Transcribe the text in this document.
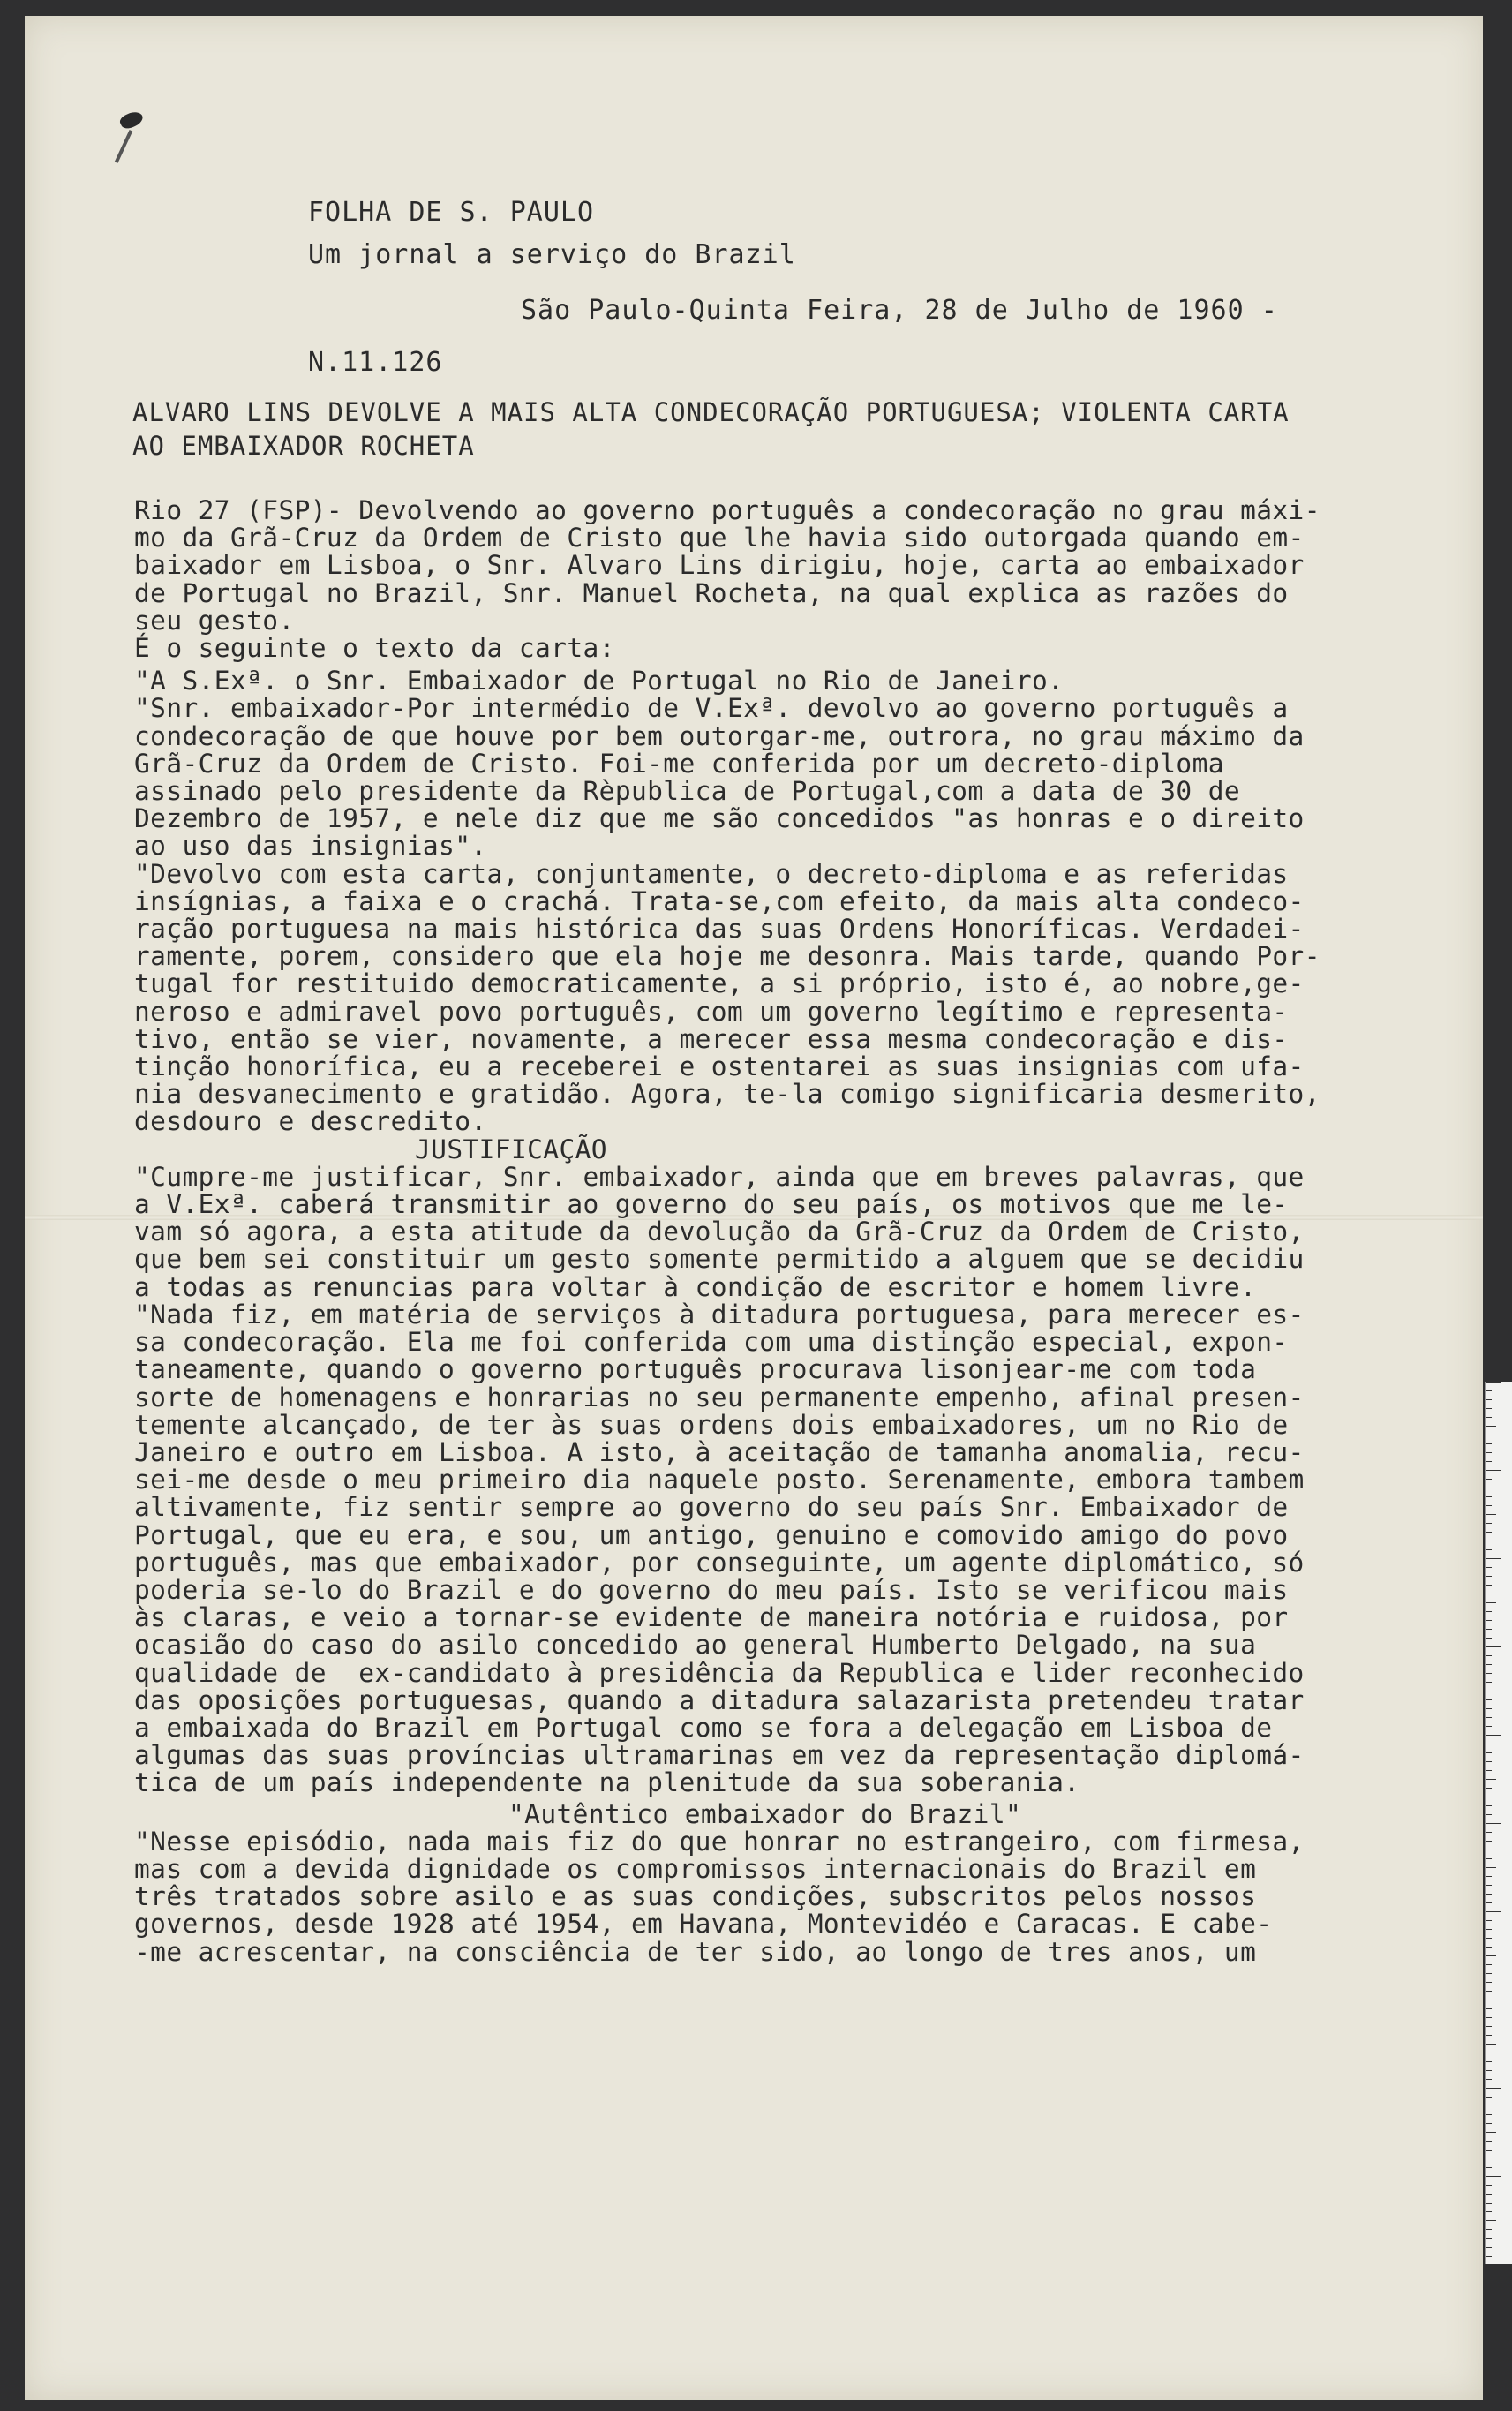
FOLHA DE S. PAULO
Um jornal a serviço do Brazil
São Paulo-Quinta Feira, 28 de Julho de 1960 -
N.11.126
ALVARO LINS DEVOLVE A MAIS ALTA CONDECORAÇÃO PORTUGUESA; VIOLENTA CARTA
AO EMBAIXADOR ROCHETA

Rio 27 (FSP)- Devolvendo ao governo português a condecoração no grau máxi-

mo da Grã-Cruz da Ordem de Cristo que lhe havia sido outorgada quando em-

baixador em Lisboa, o Snr. Alvaro Lins dirigiu, hoje, carta ao embaixador

de Portugal no Brazil, Snr. Manuel Rocheta, na qual explica as razões do

seu gesto.

É o seguinte o texto da carta:

"A S.Exª. o Snr. Embaixador de Portugal no Rio de Janeiro.

"Snr. embaixador-Por intermédio de V.Exª. devolvo ao governo português a

condecoração de que houve por bem outorgar-me, outrora, no grau máximo da

Grã-Cruz da Ordem de Cristo. Foi-me conferida por um decreto-diploma

assinado pelo presidente da Rèpublica de Portugal,com a data de 30 de

Dezembro de 1957, e nele diz que me são concedidos "as honras e o direito

ao uso das insignias".

"Devolvo com esta carta, conjuntamente, o decreto-diploma e as referidas

insígnias, a faixa e o crachá. Trata-se,com efeito, da mais alta condeco-

ração portuguesa na mais histórica das suas Ordens Honoríficas. Verdadei-

ramente, porem, considero que ela hoje me desonra. Mais tarde, quando Por-

tugal for restituido democraticamente, a si próprio, isto é, ao nobre,ge-

neroso e admiravel povo português, com um governo legítimo e representa-

tivo, então se vier, novamente, a merecer essa mesma condecoração e dis-

tinção honorífica, eu a receberei e ostentarei as suas insignias com ufa-

nia desvanecimento e gratidão. Agora, te-la comigo significaria desmerito,

desdouro e descredito.

JUSTIFICAÇÃO

"Cumpre-me justificar, Snr. embaixador, ainda que em breves palavras, que

a V.Exª. caberá transmitir ao governo do seu país, os motivos que me le-

vam só agora, a esta atitude da devolução da Grã-Cruz da Ordem de Cristo,

que bem sei constituir um gesto somente permitido a alguem que se decidiu

a todas as renuncias para voltar à condição de escritor e homem livre.

"Nada fiz, em matéria de serviços à ditadura portuguesa, para merecer es-

sa condecoração. Ela me foi conferida com uma distinção especial, expon-

taneamente, quando o governo português procurava lisonjear-me com toda

sorte de homenagens e honrarias no seu permanente empenho, afinal presen-

temente alcançado, de ter às suas ordens dois embaixadores, um no Rio de

Janeiro e outro em Lisboa. A isto, à aceitação de tamanha anomalia, recu-

sei-me desde o meu primeiro dia naquele posto. Serenamente, embora tambem

altivamente, fiz sentir sempre ao governo do seu país Snr. Embaixador de

Portugal, que eu era, e sou, um antigo, genuino e comovido amigo do povo

português, mas que embaixador, por conseguinte, um agente diplomático, só

poderia se-lo do Brazil e do governo do meu país. Isto se verificou mais

às claras, e veio a tornar-se evidente de maneira notória e ruidosa, por

ocasião do caso do asilo concedido ao general Humberto Delgado, na sua

qualidade de  ex-candidato à presidência da Republica e lider reconhecido

das oposições portuguesas, quando a ditadura salazarista pretendeu tratar

a embaixada do Brazil em Portugal como se fora a delegação em Lisboa de

algumas das suas províncias ultramarinas em vez da representação diplomá-

tica de um país independente na plenitude da sua soberania.

"Autêntico embaixador do Brazil"

"Nesse episódio, nada mais fiz do que honrar no estrangeiro, com firmesa,

mas com a devida dignidade os compromissos internacionais do Brazil em

três tratados sobre asilo e as suas condições, subscritos pelos nossos

governos, desde 1928 até 1954, em Havana, Montevidéo e Caracas. E cabe-

-me acrescentar, na consciência de ter sido, ao longo de tres anos, um
